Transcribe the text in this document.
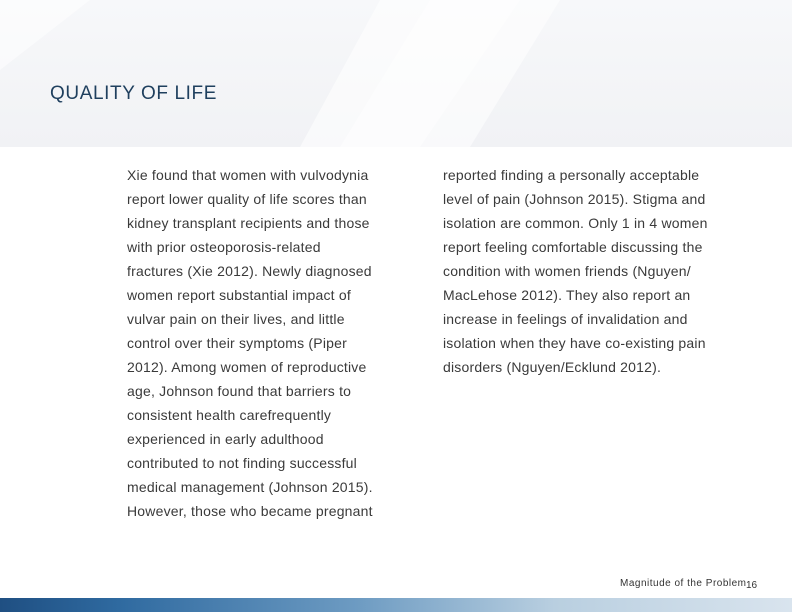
QUALITY OF LIFE
Xie found that women with vulvodynia
report lower quality of life scores than
kidney transplant recipients and those
with prior osteoporosis-related
fractures (Xie 2012). Newly diagnosed
women report substantial impact of
vulvar pain on their lives, and little
control over their symptoms (Piper
2012). Among women of reproductive
age, Johnson found that barriers to
consistent health carefrequently
experienced in early adulthood
contributed to not finding successful
medical management (Johnson 2015).
However, those who became pregnant
reported finding a personally acceptable
level of pain (Johnson 2015). Stigma and
isolation are common. Only 1 in 4 women
report feeling comfortable discussing the
condition with women friends (Nguyen/
MacLehose 2012). They also report an
increase in feelings of invalidation and
isolation when they have co-existing pain
disorders (Nguyen/Ecklund 2012).
Magnitude of the Problem 16
